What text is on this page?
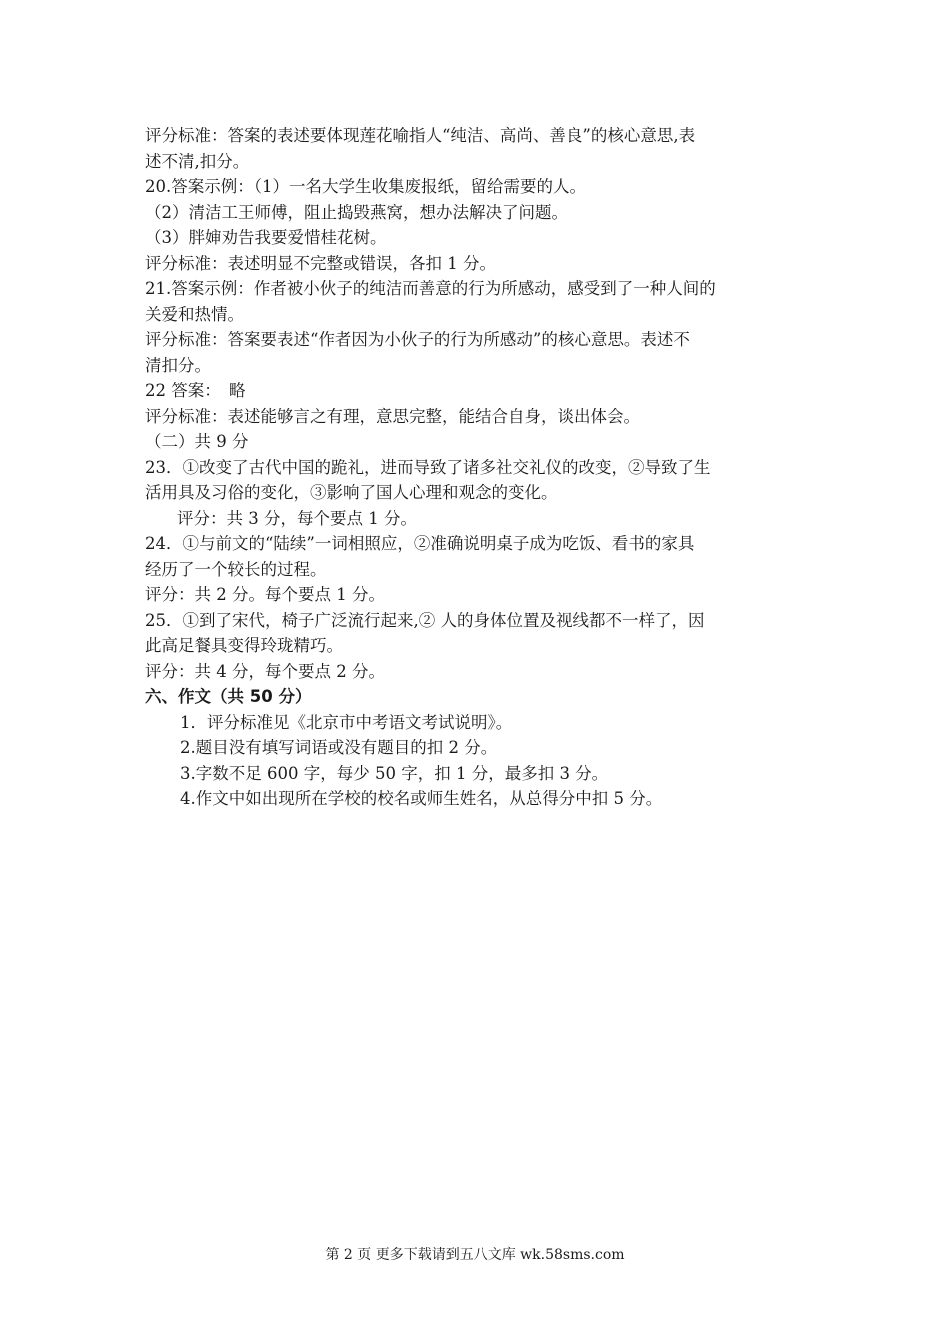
评分标准：答案的表述要体现莲花喻指人“纯洁、高尚、善良”的核心意思,表
述不清,扣分。
20.答案示例：（1）一名大学生收集废报纸，留给需要的人。
（2）清洁工王师傅，阻止捣毁燕窝，想办法解决了问题。
（3）胖婶劝告我要爱惜桂花树。
评分标准：表述明显不完整或错误，各扣 1 分。
21.答案示例：作者被小伙子的纯洁而善意的行为所感动，感受到了一种人间的
关爱和热情。
评分标准：答案要表述“作者因为小伙子的行为所感动”的核心意思。表述不
清扣分。
22 答案：　略
评分标准：表述能够言之有理，意思完整，能结合自身，谈出体会。
（二）共 9 分
23．①改变了古代中国的跪礼，进而导致了诸多社交礼仪的改变，②导致了生
活用具及习俗的变化，③影响了国人心理和观念的变化。
评分：共 3 分，每个要点 1 分。
24．①与前文的“陆续”一词相照应，②准确说明桌子成为吃饭、看书的家具
经历了一个较长的过程。
评分：共 2 分。每个要点 1 分。
25．①到了宋代，椅子广泛流行起来,② 人的身体位置及视线都不一样了，因
此高足餐具变得玲珑精巧。
评分：共 4 分，每个要点 2 分。
六、作文（共 50 分）
1．评分标准见《北京市中考语文考试说明》。
2.题目没有填写词语或没有题目的扣 2 分。
3.字数不足 600 字，每少 50 字，扣 1 分，最多扣 3 分。
4.作文中如出现所在学校的校名或师生姓名，从总得分中扣 5 分。
第 2 页 更多下载请到五八文库 wk.58sms.com
